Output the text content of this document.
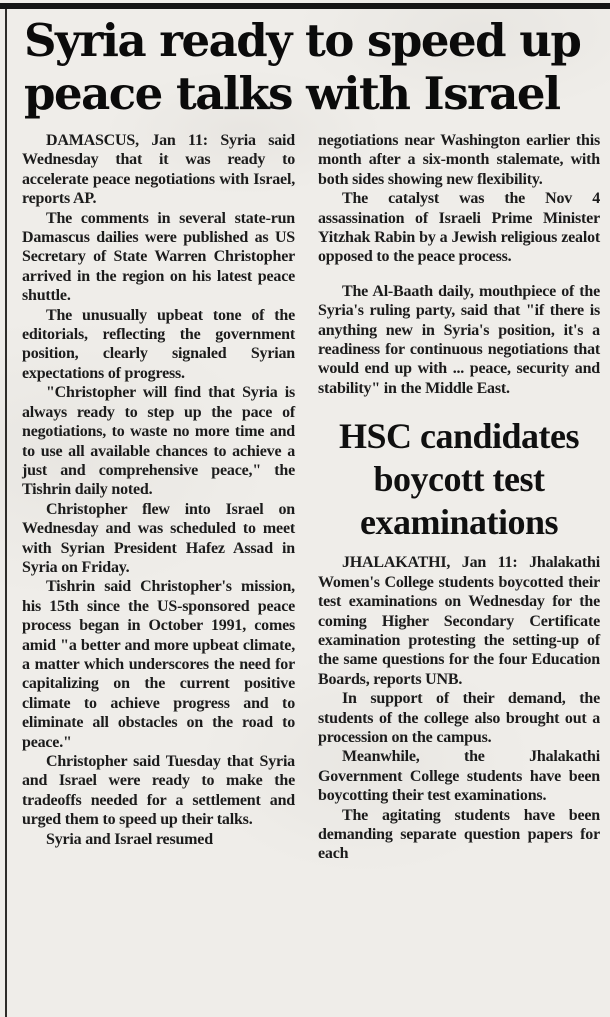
Syria ready to speed up
peace talks with Israel

DAMASCUS, Jan 11: Syria said Wednesday that it was ready to accelerate peace negotiations with Israel, reports AP.

The comments in several state-run Damascus dailies were published as US Secretary of State Warren Christopher arrived in the region on his latest peace shuttle.

The unusually upbeat tone of the editorials, reflecting the government position, clearly signaled Syrian expectations of progress.

"Christopher will find that Syria is always ready to step up the pace of negotiations, to waste no more time and to use all available chances to achieve a just and comprehensive peace," the Tishrin daily noted.

Christopher flew into Israel on Wednesday and was scheduled to meet with Syrian President Hafez Assad in Syria on Friday.

Tishrin said Christopher's mission, his 15th since the US-sponsored peace process began in October 1991, comes amid "a better and more upbeat climate, a matter which underscores the need for capitalizing on the current positive climate to achieve progress and to eliminate all obstacles on the road to peace."

Christopher said Tuesday that Syria and Israel were ready to make the tradeoffs needed for a settlement and urged them to speed up their talks.

Syria and Israel resumed

negotiations near Washington earlier this month after a six-month stalemate, with both sides showing new flexibility.

The catalyst was the Nov 4 assassination of Israeli Prime Minister Yitzhak Rabin by a Jewish religious zealot opposed to the peace process.

The Al-Baath daily, mouthpiece of the Syria's ruling party, said that "if there is anything new in Syria's position, it's a readiness for continuous negotiations that would end up with ... peace, security and stability" in the Middle East.

HSC candidates
boycott test
examinations

JHALAKATHI, Jan 11: Jhalakathi Women's College students boycotted their test examinations on Wednesday for the coming Higher Secondary Certificate examination protesting the setting-up of the same questions for the four Education Boards, reports UNB.

In support of their demand, the students of the college also brought out a procession on the campus.

Meanwhile, the Jhalakathi Government College students have been boycotting their test examinations.

The agitating students have been demanding separate question papers for each
